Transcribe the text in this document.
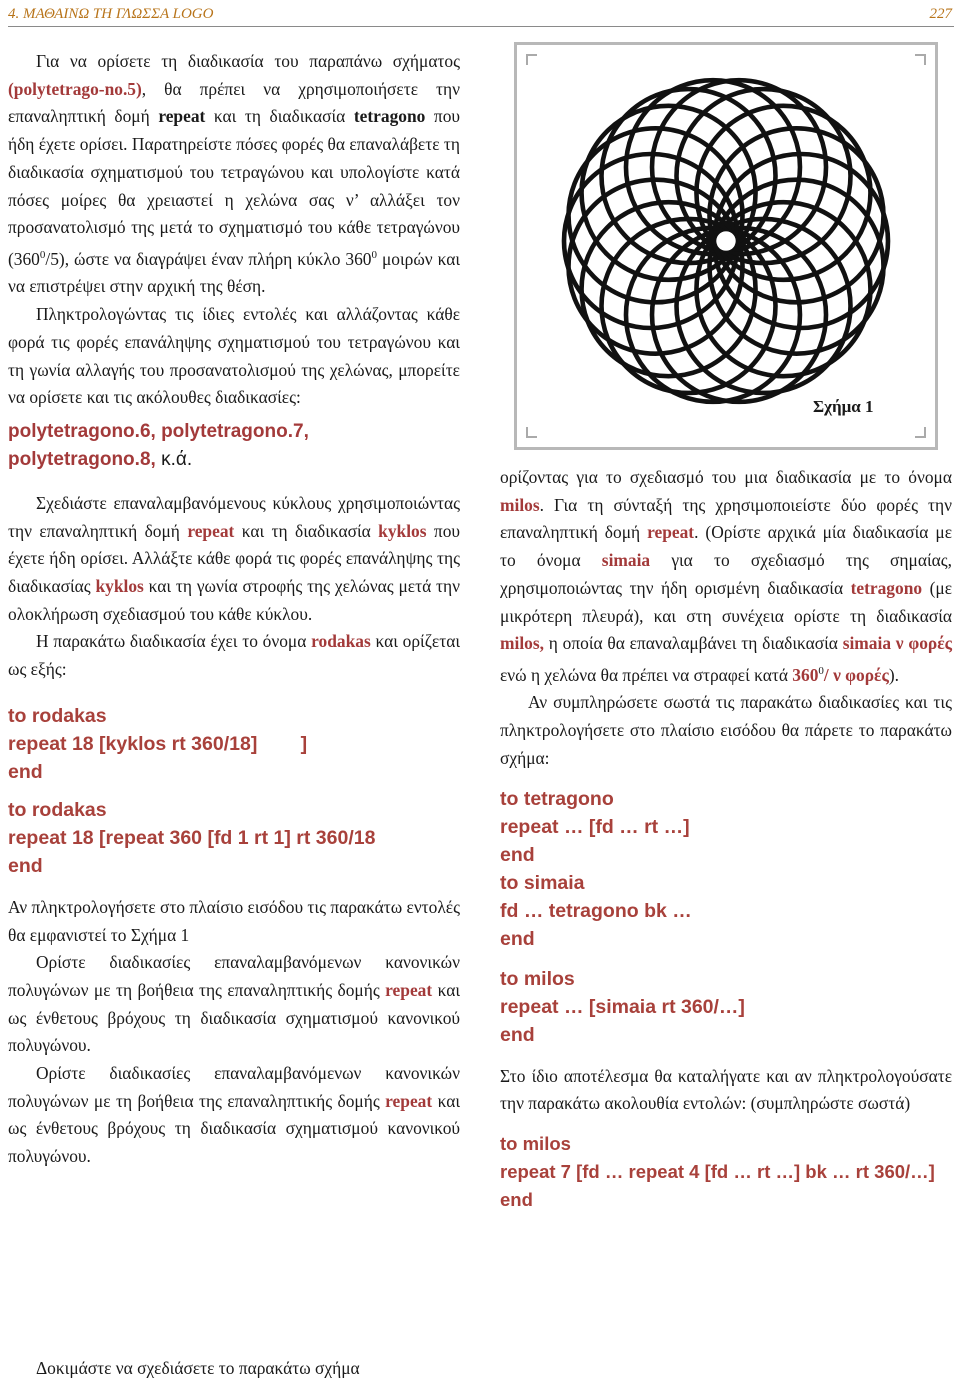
4. ΜΑΘΑΙΝΩ ΤΗ ΓΛΩΣΣΑ LOGO	227

Για να ορίσετε τη διαδικασία του παραπάνω σχήματος (polytetrago-no.5), θα πρέπει να χρησιμοποιήσετε την επαναληπτική δομή repeat και τη διαδικασία tetragono που ήδη έχετε ορίσει. Παρατηρείστε πόσες φορές θα επαναλάβετε τη διαδικασία σχηματισμού του τετραγώνου και υπολογίστε κατά πόσες μοίρες θα χρειαστεί η χελώνα σας ν’ αλλάξει τον προσανατολισμό της μετά το σχηματισμό του κάθε τετραγώνου $(360^0/5)$, ώστε να διαγράψει έναν πλήρη κύκλο $360^0$ μοιρών και να επιστρέψει στην αρχική της θέση.

Πληκτρολογώντας τις ίδιες εντολές και αλλάζοντας κάθε φορά τις φορές επανάληψης σχηματισμού του τετραγώνου και τη γωνία αλλαγής του προσανατολισμού της χελώνας, μπορείτε να ορίσετε και τις ακόλουθες διαδικασίες:

polytetragono.6, polytetragono.7, polytetragono.8, κ.ά.

Σχεδιάστε επαναλαμβανόμενους κύκλους χρησιμοποιώντας την επαναληπτική δομή repeat και τη διαδικασία kyklos που έχετε ήδη ορίσει. Αλλάξτε κάθε φορά τις φορές επανάληψης της διαδικασίας kyklos και τη γωνία στροφής της χελώνας μετά την ολοκλήρωση σχεδιασμού του κάθε κύκλου.

Η παρακάτω διαδικασία έχει το όνομα rodakas και ορίζεται ως εξής:

to rodakas
repeat 18 [kyklos rt 360/18]        ]
end
to rodakas
repeat 18 [repeat 360 [fd 1 rt 1] rt 360/18
end

Αν πληκτρολογήσετε στο πλαίσιο εισόδου τις παρακάτω εντολές θα εμφανιστεί το Σχήμα 1

Ορίστε διαδικασίες επαναλαμβανόμενων κανονικών πολυγώνων με τη βοήθεια της επαναληπτικής δομής repeat και ως ένθετους βρόχους τη διαδικασία σχηματισμού κανονικού πολυγώνου.

Ορίστε διαδικασίες επαναλαμβανόμενων κανονικών πολυγώνων με τη βοήθεια της επαναληπτικής δομής repeat και ως ένθετους βρόχους τη διαδικασία σχηματισμού κανονικού πολυγώνου.

Σχήμα 1

ορίζοντας για το σχεδιασμό του μια διαδικασία με το όνομα milos. Για τη σύνταξή της χρησιμοποιείστε δύο φορές την επαναληπτική δομή repeat. (Ορίστε αρχικά μία διαδικασία με το όνομα simaia για το σχεδιασμό της σημαίας, χρησιμοποιώντας την ήδη ορισμένη διαδικασία tetragono (με μικρότερη πλευρά), και στη συνέχεια ορίστε τη διαδικασία milos, η οποία θα επαναλαμβάνει τη διαδικασία simaia ν φορές ενώ η χελώνα θα πρέπει να στραφεί κατά $360^0/$ ν φορές).

Αν συμπληρώσετε σωστά τις παρακάτω διαδικασίες και τις πληκτρολογήσετε στο πλαίσιο εισόδου θα πάρετε το παρακάτω σχήμα:

to tetragono
repeat … [fd … rt …]
end
to simaia
fd … tetragono bk …
end
to milos
repeat … [simaia rt 360/…]
end

Στο ίδιο αποτέλεσμα θα καταλήγατε και αν πληκτρολογούσατε την παρακάτω ακολουθία εντολών: (συμπληρώστε σωστά)

to milos
repeat 7 [fd … repeat 4 [fd … rt …] bk … rt 360/…]
end
Δοκιμάστε να σχεδιάσετε το παρακάτω σχήμα
